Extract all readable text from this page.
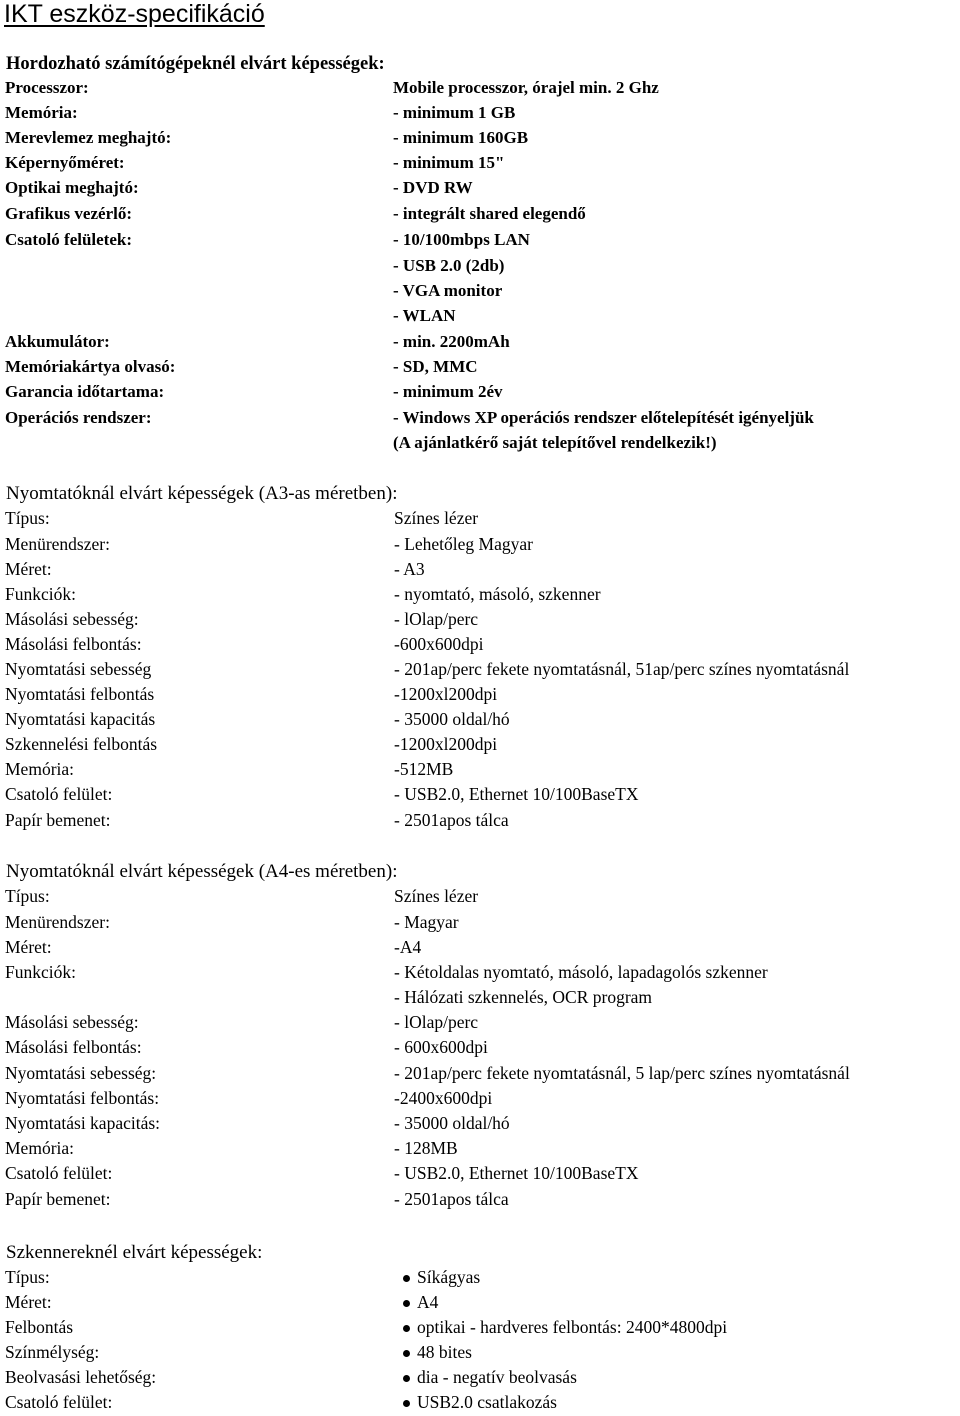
IKT eszköz-specifikáció
Hordozható számítógépeknél elvárt képességek:
Processzor:	Mobile processzor, órajel min. 2 Ghz
Memória:	- minimum 1 GB
Merevlemez meghajtó:	- minimum 160GB
Képernyőméret:	- minimum 15"
Optikai meghajtó:	- DVD RW
Grafikus vezérlő:	- integrált shared elegendő
Csatoló felületek:	- 10/100mbps LAN
- USB 2.0 (2db)
- VGA monitor
- WLAN
Akkumulátor:	- min. 2200mAh
Memóriakártya olvasó:	- SD, MMC
Garancia időtartama:	- minimum 2év
Operációs rendszer:	- Windows XP operációs rendszer előtelepítését igényeljük
(A ajánlatkérő saját telepítővel rendelkezik!)
Nyomtatóknál elvárt képességek (A3-as méretben):
Típus:	Színes lézer
Menürendszer:	- Lehetőleg Magyar
Méret:	- A3
Funkciók:	- nyomtató, másoló, szkenner
Másolási sebesség:	- lOlap/perc
Másolási felbontás:	-600x600dpi
Nyomtatási sebesség	- 201ap/perc fekete nyomtatásnál, 51ap/perc színes nyomtatásnál
Nyomtatási felbontás	-1200xl200dpi
Nyomtatási kapacitás	- 35000 oldal/hó
Szkennelési felbontás	-1200xl200dpi
Memória:	-512MB
Csatoló felület:	- USB2.0, Ethernet 10/100BaseTX
Papír bemenet:	- 2501apos tálca
Nyomtatóknál elvárt képességek (A4-es méretben):
Típus:	Színes lézer
Menürendszer:	- Magyar
Méret:	-A4
Funkciók:	- Kétoldalas nyomtató, másoló, lapadagolós szkenner
- Hálózati szkennelés, OCR program
Másolási sebesség:	- lOlap/perc
Másolási felbontás:	- 600x600dpi
Nyomtatási sebesség:	- 201ap/perc fekete nyomtatásnál, 5 lap/perc színes nyomtatásnál
Nyomtatási felbontás:	-2400x600dpi
Nyomtatási kapacitás:	- 35000 oldal/hó
Memória:	- 128MB
Csatoló felület:	- USB2.0, Ethernet 10/100BaseTX
Papír bemenet:	- 2501apos tálca
Szkennereknél elvárt képességek:
Típus:	Síkágyas
Méret:	A4
Felbontás	optikai - hardveres felbontás: 2400*4800dpi
Színmélység:	48 bites
Beolvasási lehetőség:	dia - negatív beolvasás
Csatoló felület:	USB2.0 csatlakozás
